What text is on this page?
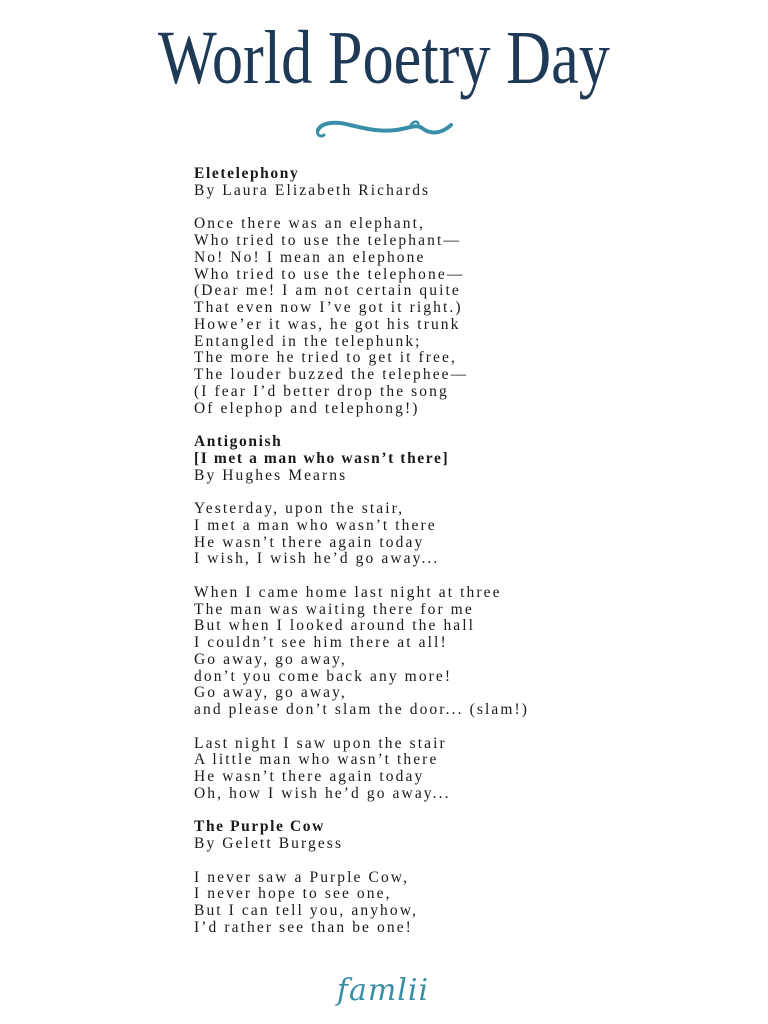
World Poetry Day
Eletelephony
By Laura Elizabeth Richards
Once there was an elephant,
Who tried to use the telephant—
No! No! I mean an elephone
Who tried to use the telephone—
(Dear me! I am not certain quite
That even now I’ve got it right.)
Howe’er it was, he got his trunk
Entangled in the telephunk;
The more he tried to get it free,
The louder buzzed the telephee—
(I fear I’d better drop the song
Of elephop and telephong!)
Antigonish
[I met a man who wasn’t there]
By Hughes Mearns
Yesterday, upon the stair,
I met a man who wasn’t there
He wasn’t there again today
I wish, I wish he’d go away...
When I came home last night at three
The man was waiting there for me
But when I looked around the hall
I couldn’t see him there at all!
Go away, go away,
don’t you come back any more!
Go away, go away,
and please don’t slam the door... (slam!)
Last night I saw upon the stair
A little man who wasn’t there
He wasn’t there again today
Oh, how I wish he’d go away...
The Purple Cow
By Gelett Burgess
I never saw a Purple Cow,
I never hope to see one,
But I can tell you, anyhow,
I’d rather see than be one!
famlii
